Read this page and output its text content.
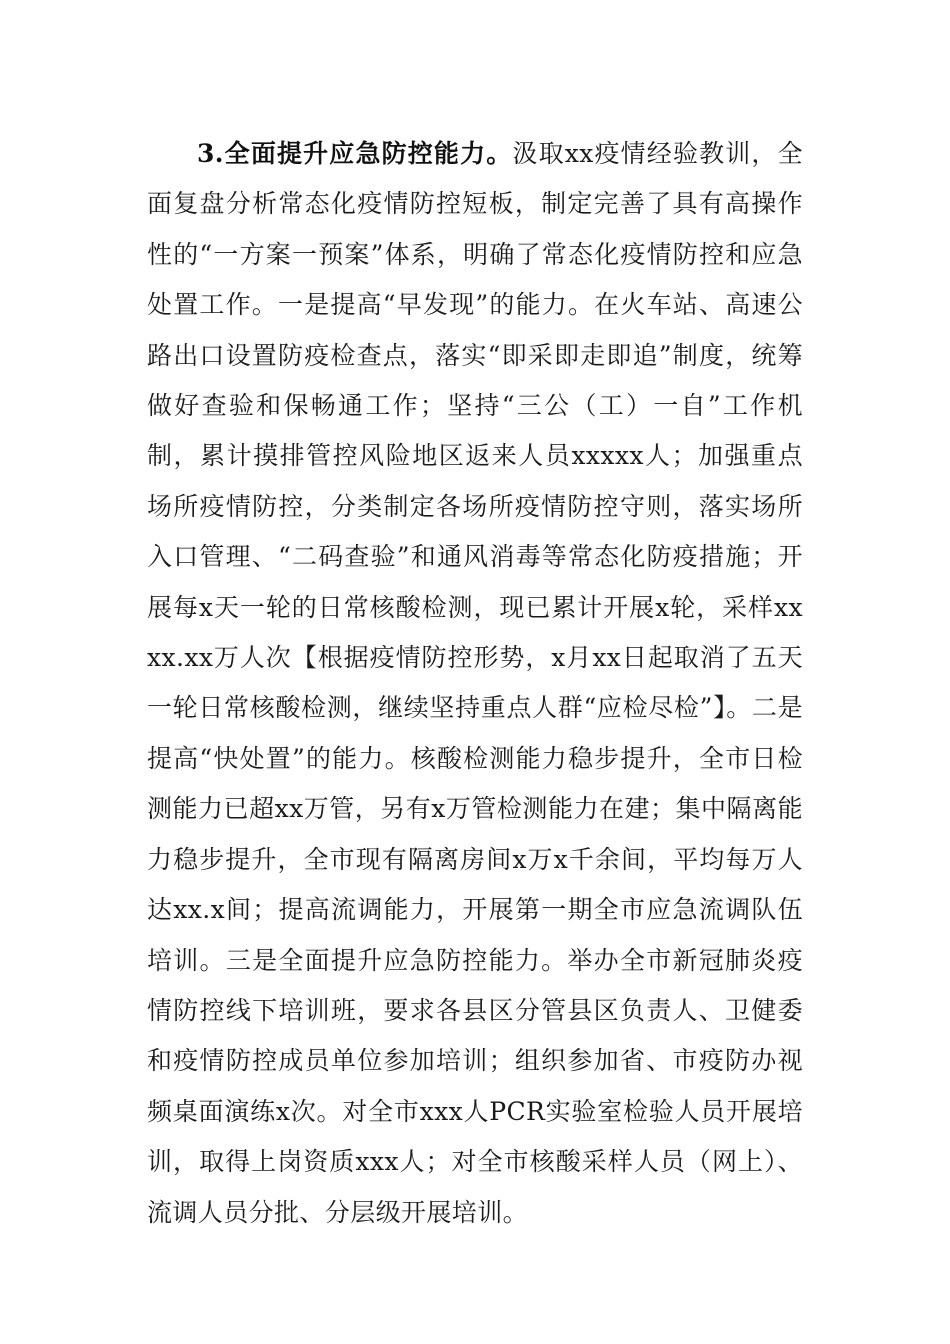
3.全面提升应急防控能力。汲取xx疫情经验教训，全面复盘分析常态化疫情防控短板，制定完善了具有高操作性的“一方案一预案”体系，明确了常态化疫情防控和应急处置工作。一是提高“早发现”的能力。在火车站、高速公路出口设置防疫检查点，落实“即采即走即追”制度，统筹做好查验和保畅通工作；坚持“三公（工）一自”工作机制，累计摸排管控风险地区返来人员xxxxx人；加强重点场所疫情防控，分类制定各场所疫情防控守则，落实场所入口管理、“二码查验”和通风消毒等常态化防疫措施；开展每x天一轮的日常核酸检测，现已累计开展x轮，采样xxxx.xx万人次【根据疫情防控形势，x月xx日起取消了五天一轮日常核酸检测，继续坚持重点人群“应检尽检”】。二是提高“快处置”的能力。核酸检测能力稳步提升，全市日检测能力已超xx万管，另有x万管检测能力在建；集中隔离能力稳步提升，全市现有隔离房间x万x千余间，平均每万人达xx.x间；提高流调能力，开展第一期全市应急流调队伍培训。三是全面提升应急防控能力。举办全市新冠肺炎疫情防控线下培训班，要求各县区分管县区负责人、卫健委和疫情防控成员单位参加培训；组织参加省、市疫防办视频桌面演练x次。对全市xxx人PCR实验室检验人员开展培训，取得上岗资质xxx人；对全市核酸采样人员（网上）、流调人员分批、分层级开展培训。
